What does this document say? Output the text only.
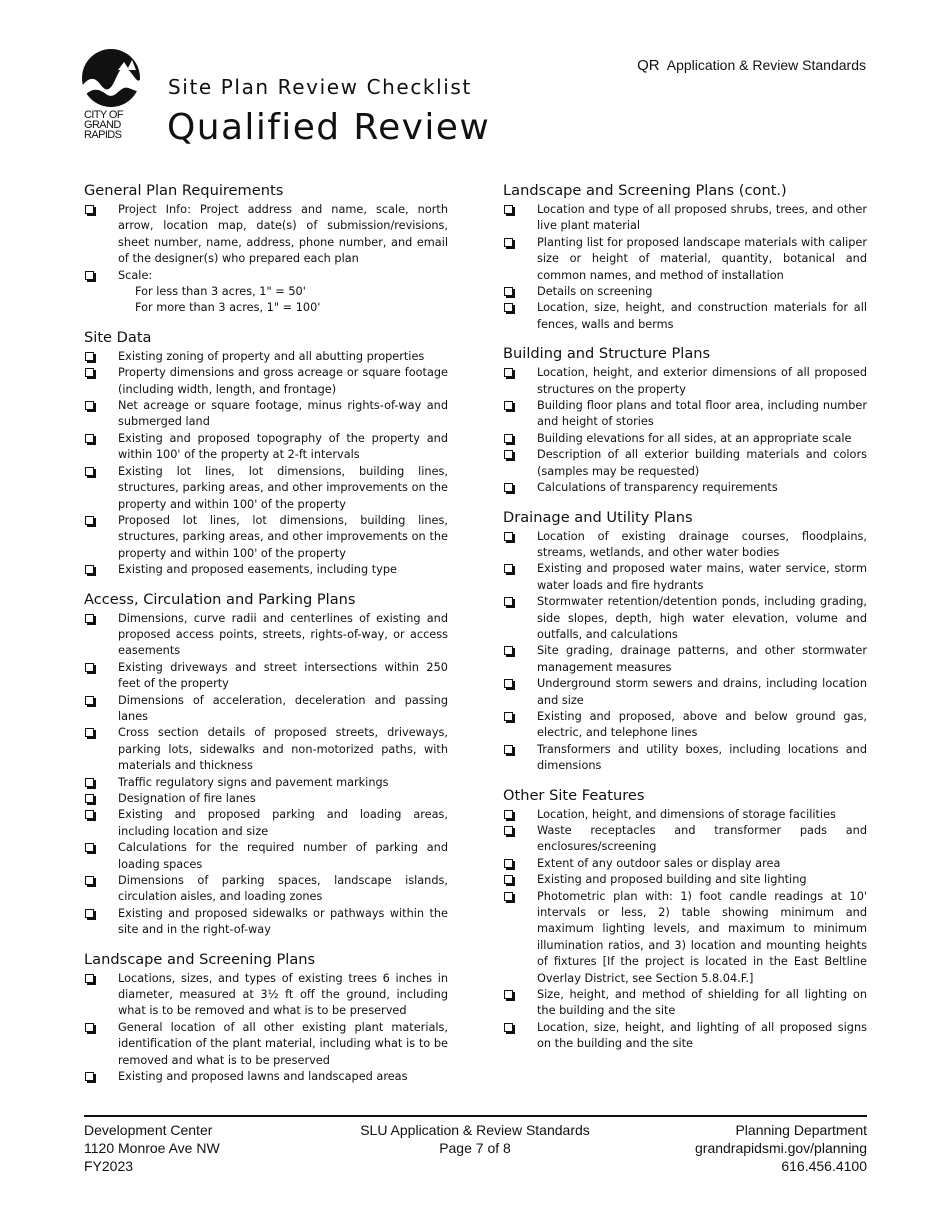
QR Application & Review Standards
CITY OF
GRAND
RAPIDS
Site Plan Review Checklist
Qualified Review
General Plan Requirements
Project Info: Project address and name, scale, north arrow, location map, date(s) of submission/revisions, sheet number, name, address, phone number, and email of the designer(s) who prepared each plan
Scale:
For less than 3 acres, 1" = 50'
For more than 3 acres, 1" = 100'
Site Data
Existing zoning of property and all abutting properties
Property dimensions and gross acreage or square footage (including width, length, and frontage)
Net acreage or square footage, minus rights-of-way and submerged land
Existing and proposed topography of the property and within 100' of the property at 2-ft intervals
Existing lot lines, lot dimensions, building lines, structures, parking areas, and other improvements on the property and within 100' of the property
Proposed lot lines, lot dimensions, building lines, structures, parking areas, and other improvements on the property and within 100' of the property
Existing and proposed easements, including type
Access, Circulation and Parking Plans
Dimensions, curve radii and centerlines of existing and proposed access points, streets, rights-of-way, or access easements
Existing driveways and street intersections within 250 feet of the property
Dimensions of acceleration, deceleration and passing lanes
Cross section details of proposed streets, driveways, parking lots, sidewalks and non-motorized paths, with materials and thickness
Traffic regulatory signs and pavement markings
Designation of fire lanes
Existing and proposed parking and loading areas, including location and size
Calculations for the required number of parking and loading spaces
Dimensions of parking spaces, landscape islands, circulation aisles, and loading zones
Existing and proposed sidewalks or pathways within the site and in the right-of-way
Landscape and Screening Plans
Locations, sizes, and types of existing trees 6 inches in diameter, measured at 3½ ft off the ground, including what is to be removed and what is to be preserved
General location of all other existing plant materials, identification of the plant material, including what is to be removed and what is to be preserved
Existing and proposed lawns and landscaped areas
Landscape and Screening Plans (cont.)
Location and type of all proposed shrubs, trees, and other live plant material
Planting list for proposed landscape materials with caliper size or height of material, quantity, botanical and common names, and method of installation
Details on screening
Location, size, height, and construction materials for all fences, walls and berms
Building and Structure Plans
Location, height, and exterior dimensions of all proposed structures on the property
Building floor plans and total floor area, including number and height of stories
Building elevations for all sides, at an appropriate scale
Description of all exterior building materials and colors (samples may be requested)
Calculations of transparency requirements
Drainage and Utility Plans
Location of existing drainage courses, floodplains, streams, wetlands, and other water bodies
Existing and proposed water mains, water service, storm water loads and fire hydrants
Stormwater retention/detention ponds, including grading, side slopes, depth, high water elevation, volume and outfalls, and calculations
Site grading, drainage patterns, and other stormwater management measures
Underground storm sewers and drains, including location and size
Existing and proposed, above and below ground gas, electric, and telephone lines
Transformers and utility boxes, including locations and dimensions
Other Site Features
Location, height, and dimensions of storage facilities
Waste receptacles and transformer pads and enclosures/screening
Extent of any outdoor sales or display area
Existing and proposed building and site lighting
Photometric plan with: 1) foot candle readings at 10' intervals or less, 2) table showing minimum and maximum lighting levels, and maximum to minimum illumination ratios, and 3) location and mounting heights of fixtures [If the project is located in the East Beltline Overlay District, see Section 5.8.04.F.]
Size, height, and method of shielding for all lighting on the building and the site
Location, size, height, and lighting of all proposed signs on the building and the site
Development Center
1120 Monroe Ave NW
FY2023
SLU Application & Review Standards
Page 7 of 8
Planning Department
grandrapidsmi.gov/planning
616.456.4100
